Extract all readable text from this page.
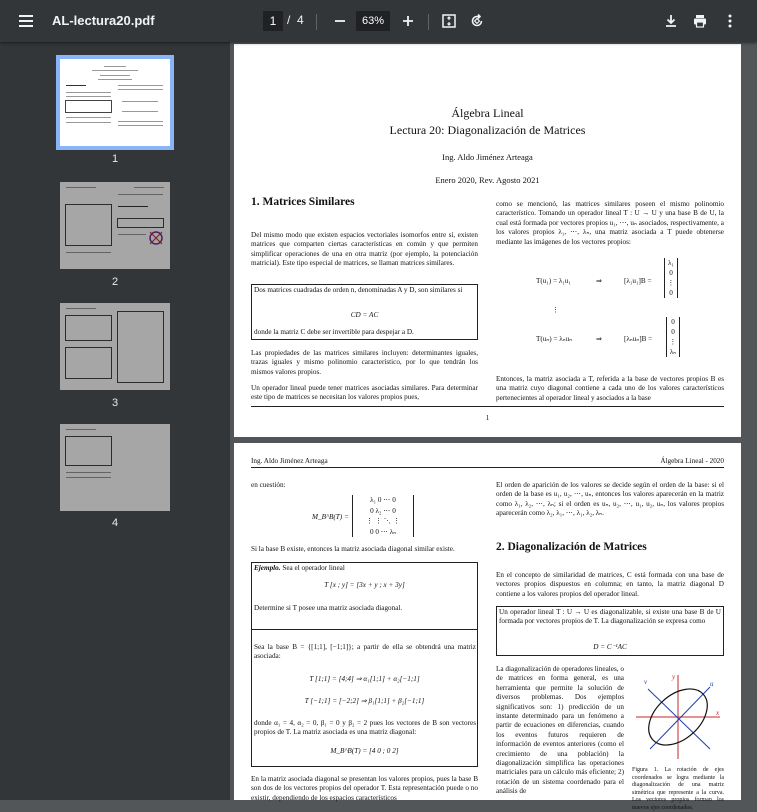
AL-lectura20.pdf	1 / 4	63%
1
2
3
4
Álgebra Lineal
Lectura 20: Diagonalización de Matrices
Ing. Aldo Jiménez Arteaga
Enero 2020, Rev. Agosto 2021
1. Matrices Similares
Del mismo modo que existen espacios vectoriales isomorfos entre sí, existen matrices que comparten ciertas características en común y que permiten simplificar operaciones de una en otra matriz (por ejemplo, la potenciación matricial). Este tipo especial de matrices, se llaman matrices similares.
Dos matrices cuadradas de orden n, denominadas A y D, son similares si
CD = AC
donde la matriz C debe ser invertible para despejar a D.
Las propiedades de las matrices similares incluyen: determinantes iguales, trazas iguales y mismo polinomio característico, por lo que tendrán los mismos valores propios.
Un operador lineal puede tener matrices asociadas similares. Para determinar este tipo de matrices se necesitan los valores propios pues,
como se mencionó, las matrices similares poseen el mismo polinomio característico. Tomando un operador lineal T : U → U y una base B de U, la cual está formada por vectores propios u₁, ⋯, uₙ asociados, respectivamente, a los valores propios λ₁, ⋯, λₙ, una matriz asociada a T puede obtenerse mediante las imágenes de los vectores propios:
T(u₁) = λ₁u₁	⇒	[λ₁u₁]B =
λ₁
0
⋮
0
⋮
T(uₙ) = λₙuₙ	⇒	[λₙuₙ]B =
0
0
⋮
λₙ
Entonces, la matriz asociada a T, referida a la base de vectores propios B es una matriz cuyo diagonal contiene a cada uno de los valores característicos pertenecientes al operador lineal y asociados a la base
1
Ing. Aldo Jiménez Arteaga	Álgebra Lineal - 2020
en cuestión:
M_B^B(T) =
λ₁ 0 ⋯ 0
0 λ₂ ⋯ 0
⋮ ⋮ ⋱ ⋮
0 0 ⋯ λₙ
Si la base B existe, entonces la matriz asociada diagonal similar existe.
Ejemplo. Sea el operador lineal
T [x ; y] = [3x + y ; x + 3y]
Determine si T posee una matriz asociada diagonal.
Sea la base B = {[1;1], [−1;1]}; a partir de ella se obtendrá una matriz asociada:
T [1;1] = [4;4] ⇒ α₁[1;1] + α₂[−1;1]
T [−1;1] = [−2;2] ⇒ β₁[1;1] + β₂[−1;1]
donde α₁ = 4, α₂ = 0, β₁ = 0 y β₂ = 2 pues los vectores de B son vectores propios de T. La matriz asociada es una matriz diagonal:
M_B^B(T) = [4 0 ; 0 2]
En la matriz asociada diagonal se presentan los valores propios, pues la base B son dos de los vectores propios del operador T. Esta representación puede o no existir, dependiendo de los espacios característicos
El orden de aparición de los valores se decide según el orden de la base: si el orden de la base es u₁, u₂, ⋯, uₙ, entonces los valores aparecerán en la matriz como λ₁, λ₂, ⋯, λₙ; si el orden es uₙ, u₂, ⋯, u₁, u₂, uₙ, los valores propios aparecerán como λ₂, λ₁, ⋯, λ₁, λ₂, λₙ.
2. Diagonalización de Matrices
En el concepto de similaridad de matrices, C está formada con una base de vectores propios dispuestos en columna; en tanto, la matriz diagonal D contiene a los valores propios del operador lineal.
Un operador lineal T : U → U es diagonalizable, si existe una base B de U formada por vectores propios de T. La diagonalización se expresa como
D = C⁻¹AC
La diagonalización de operadores lineales, o de matrices en forma general, es una herramienta que permite la solución de diversos problemas. Dos ejemplos significativos son: 1) predicción de un instante determinado para un fenómeno a partir de ecuaciones en diferencias, cuando los eventos futuros requieren de información de eventos anteriores (como el crecimiento de una población) la diagonalización simplifica las operaciones matriciales para un cálculo más eficiente; 2) rotación de un sistema coordenado para el análisis de
v
y
u
x
Figura 1. La rotación de ejes coordenados se logra mediante la diagonalización de una matriz simétrica que represente a la curva. Los vectores propios forman los nuevos ejes coordenados.
